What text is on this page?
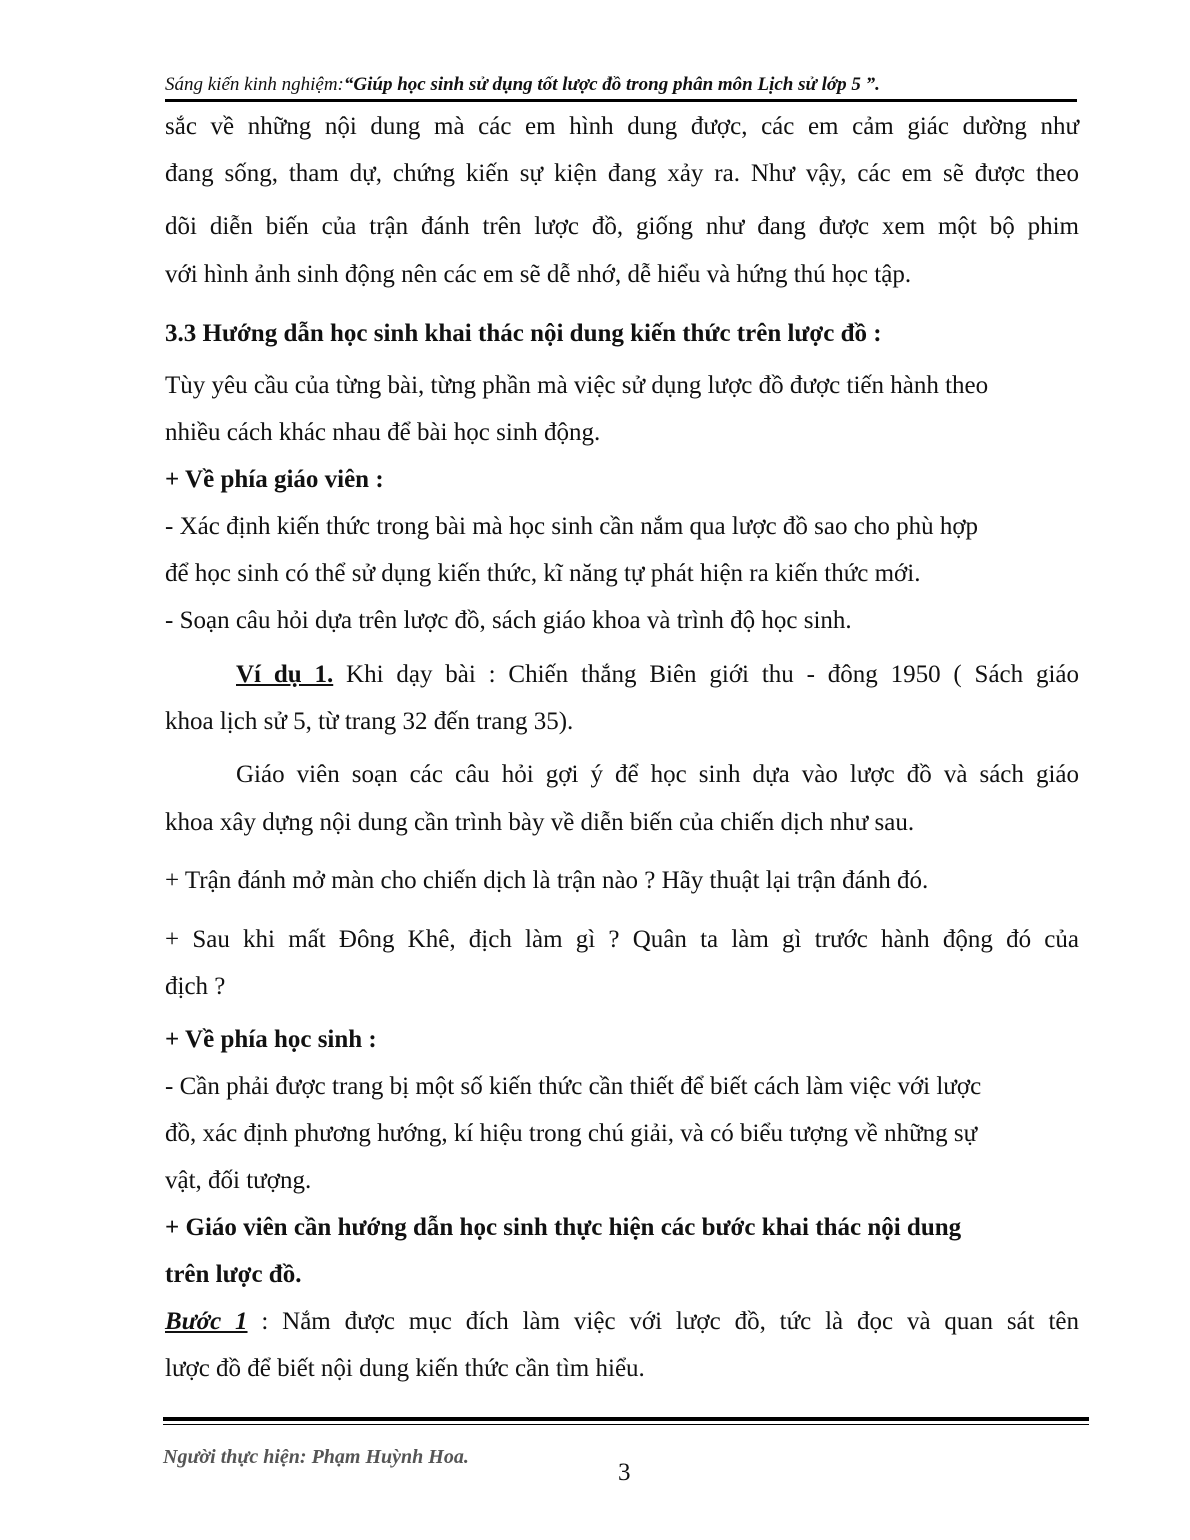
Sáng kiến kinh nghiệm:“Giúp học sinh sử dụng tốt lược đồ trong phân môn Lịch sử lớp 5 ”.
sắc về những nội dung mà các em hình dung được, các em cảm giác dường như
đang sống, tham dự, chứng kiến sự kiện đang xảy ra. Như vậy, các em sẽ được theo
dõi diễn biến của trận đánh trên lược đồ, giống như đang được xem một bộ phim
với hình ảnh sinh động nên các em sẽ dễ nhớ, dễ hiểu và hứng thú học tập.
3.3 Hướng dẫn học sinh khai thác nội dung kiến thức trên lược đồ :
Tùy yêu cầu của từng bài, từng phần mà việc sử dụng lược đồ được tiến hành theo
nhiều cách khác nhau để bài học sinh động.
+ Về phía giáo viên :
- Xác định kiến thức trong bài mà học sinh cần nắm qua lược đồ sao cho phù hợp
để học sinh có thể sử dụng kiến thức, kĩ năng tự phát hiện ra kiến thức mới.
- Soạn câu hỏi dựa trên lược đồ, sách giáo khoa và trình độ học sinh.
Ví dụ 1. Khi dạy bài : Chiến thắng Biên giới thu - đông 1950 ( Sách giáo
khoa lịch sử 5, từ trang 32 đến trang 35).
Giáo viên soạn các câu hỏi gợi ý để học sinh dựa vào lược đồ và sách giáo
khoa xây dựng nội dung cần trình bày về diễn biến của chiến dịch như sau.
+ Trận đánh mở màn cho chiến dịch là trận nào ? Hãy thuật lại trận đánh đó.
+ Sau khi mất Đông Khê, địch làm gì ? Quân ta làm gì trước hành động đó của
địch ?
+ Về phía học sinh :
- Cần phải được trang bị một số kiến thức cần thiết để biết cách làm việc với lược
đồ, xác định phương hướng, kí hiệu trong chú giải, và có biểu tượng về những sự
vật, đối tượng.
+ Giáo viên cần hướng dẫn học sinh thực hiện các bước khai thác nội dung
trên lược đồ.
Bước 1 : Nắm được mục đích làm việc với lược đồ, tức là đọc và quan sát tên
lược đồ để biết nội dung kiến thức cần tìm hiểu.
Người thực hiện: Phạm Huỳnh Hoa.
3
